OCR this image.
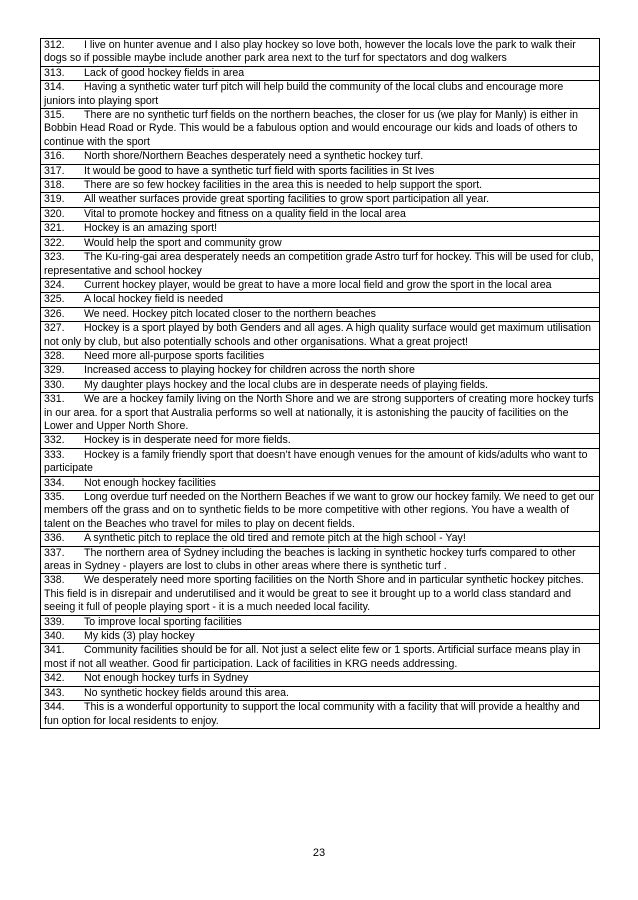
312. I live on hunter avenue and I also play hockey so love both, however the locals love the park to walk their dogs so if possible maybe include another park area next to the turf for spectators and dog walkers
313. Lack of good hockey fields in area
314. Having a synthetic water turf pitch will help build the community of the local clubs and encourage more juniors into playing sport
315. There are no synthetic turf fields on the northern beaches, the closer for us (we play for Manly) is either in Bobbin Head Road or Ryde. This would be a fabulous option and would encourage our kids and loads of others to continue with the sport
316. North shore/Northern Beaches desperately need a synthetic hockey turf.
317. It would be good to have a synthetic turf field with sports facilities in St Ives
318. There are so few hockey facilities in the area this is needed to help support the sport.
319. All weather surfaces provide great sporting facilities to grow sport participation all year.
320. Vital to promote hockey and fitness on a quality field in the local area
321. Hockey is an amazing sport!
322. Would help the sport and community grow
323. The Ku-ring-gai area desperately needs an competition grade Astro turf for hockey. This will be used for club, representative and school hockey
324. Current hockey player, would be great to have a more local field and grow the sport in the local area
325. A local hockey field is needed
326. We need. Hockey pitch located closer to the northern beaches
327. Hockey is a sport played by both Genders and all ages. A high quality surface would get maximum utilisation not only by club, but also potentially schools and other organisations. What a great project!
328. Need more all-purpose sports facilities
329. Increased access to playing hockey for children across the north shore
330. My daughter plays hockey and the local clubs are in desperate needs of playing fields.
331. We are a hockey family living on the North Shore and we are strong supporters of creating more hockey turfs in our area. for a sport that Australia performs so well at nationally, it is astonishing the paucity of facilities on the Lower and Upper North Shore.
332. Hockey is in desperate need for more fields.
333. Hockey is a family friendly sport that doesn’t have enough venues for the amount of kids/adults who want to participate
334. Not enough hockey facilities
335. Long overdue turf needed on the Northern Beaches if we want to grow our hockey family. We need to get our members off the grass and on to synthetic fields to be more competitive with other regions. You have a wealth of talent on the Beaches who travel for miles to play on decent fields.
336. A synthetic pitch to replace the old tired and remote pitch at the high school - Yay!
337. The northern area of Sydney including the beaches is lacking in synthetic hockey turfs compared to other areas in Sydney - players are lost to clubs in other areas where there is synthetic turf .
338. We desperately need more sporting facilities on the North Shore and in particular synthetic hockey pitches. This field is in disrepair and underutilised and it would be great to see it brought up to a world class standard and seeing it full of people playing sport - it is a much needed local facility.
339. To improve local sporting facilities
340. My kids (3) play hockey
341. Community facilities should be for all. Not just a select elite few or 1 sports. Artificial surface means play in most if not all weather. Good fir participation. Lack of facilities in KRG needs addressing.
342. Not enough hockey turfs in Sydney
343. No synthetic hockey fields around this area.
344. This is a wonderful opportunity to support the local community with a facility that will provide a healthy and fun option for local residents to enjoy.
23
